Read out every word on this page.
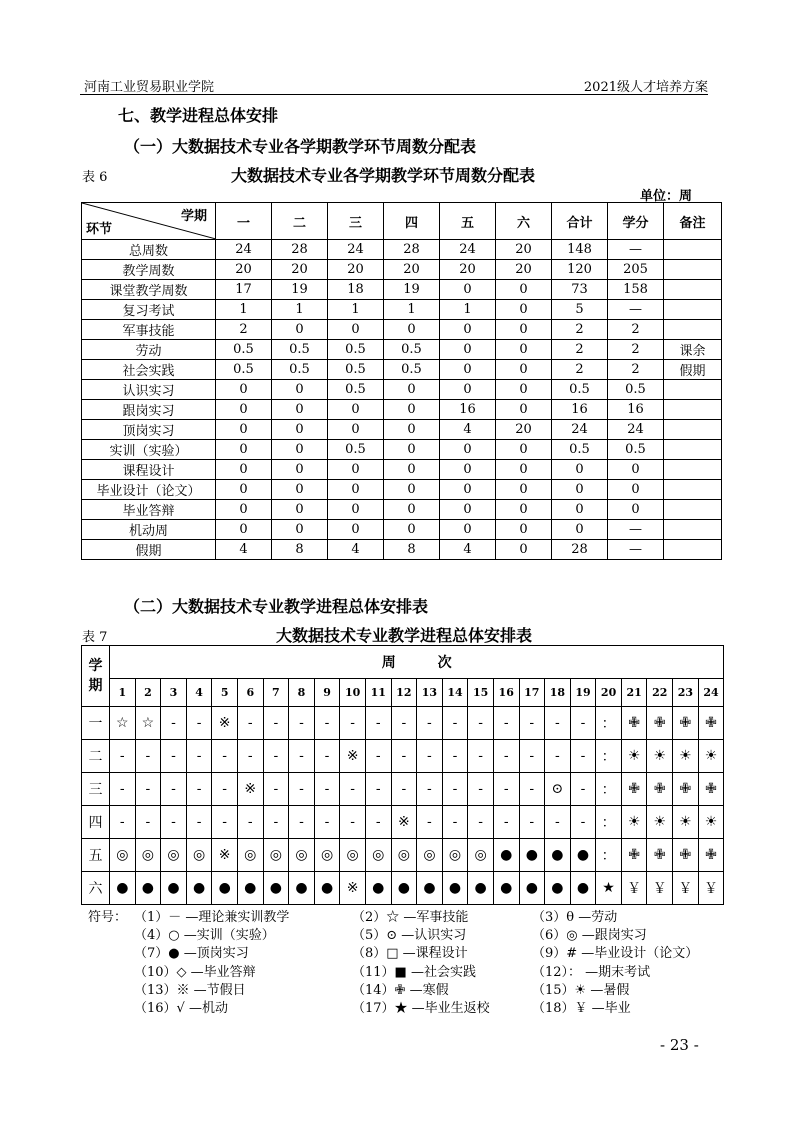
河南工业贸易职业学院	2021级人才培养方案
七、教学进程总体安排
（一）大数据技术专业各学期教学环节周数分配表
表 6	大数据技术专业各学期教学环节周数分配表
单位：周
学期
环节	一	二	三	四	五	六	合计	学分	备注
总周数	24	28	24	28	24	20	148	—	
教学周数	20	20	20	20	20	20	120	205	
课堂教学周数	17	19	18	19	0	0	73	158	
复习考试	1	1	1	1	1	0	5	—	
军事技能	2	0	0	0	0	0	2	2	
劳动	0.5	0.5	0.5	0.5	0	0	2	2	课余
社会实践	0.5	0.5	0.5	0.5	0	0	2	2	假期
认识实习	0	0	0.5	0	0	0	0.5	0.5	
跟岗实习	0	0	0	0	16	0	16	16	
顶岗实习	0	0	0	0	4	20	24	24	
实训（实验）	0	0	0.5	0	0	0	0.5	0.5	
课程设计	0	0	0	0	0	0	0	0	
毕业设计（论文）	0	0	0	0	0	0	0	0	
毕业答辩	0	0	0	0	0	0	0	0	
机动周	0	0	0	0	0	0	0	—	
假期	4	8	4	8	4	0	28	—	
（二）大数据技术专业教学进程总体安排表
表 7	大数据技术专业教学进程总体安排表
学期	周　　　次																							
	1	2	3	4	5	6	7	8	9	10	11	12	13	14	15	16	17	18	19	20	21	22	23	24
一	☆	☆	-	-	※	-	-	-	-	-	-	-	-	-	-	-	-	-	-	：	✙	✙	✙	✙
二	-	-	-	-	-	-	-	-	-	※	-	-	-	-	-	-	-	-	-	：	☀	☀	☀	☀
三	-	-	-	-	-	※	-	-	-	-	-	-	-	-	-	-	-	⊙	-	：	✙	✙	✙	✙
四	-	-	-	-	-	-	-	-	-	-	-	※	-	-	-	-	-	-	-	：	☀	☀	☀	☀
五	◎	◎	◎	◎	※	◎	◎	◎	◎	◎	◎	◎	◎	◎	◎	●	●	●	●	：	✙	✙	✙	✙
六	●	●	●	●	●	●	●	●	●	※	●	●	●	●	●	●	●	●	●	★	￥	￥	￥	￥
符号： （1）－ —理论兼实训教学	（2）☆ —军事技能	（3）θ —劳动
（4）○ —实训（实验）	（5）⊙ —认识实习	（6）◎ —跟岗实习
（7）● —顶岗实习	（8）□ —课程设计	（9）# —毕业设计（论文）
（10）◇ —毕业答辩	（11）■ —社会实践	（12）： —期末考试
（13）※ —节假日	（14）✙ —寒假	（15）☀ —暑假
（16）√ —机动	（17）★ —毕业生返校	（18）￥ —毕业
- 23 -
